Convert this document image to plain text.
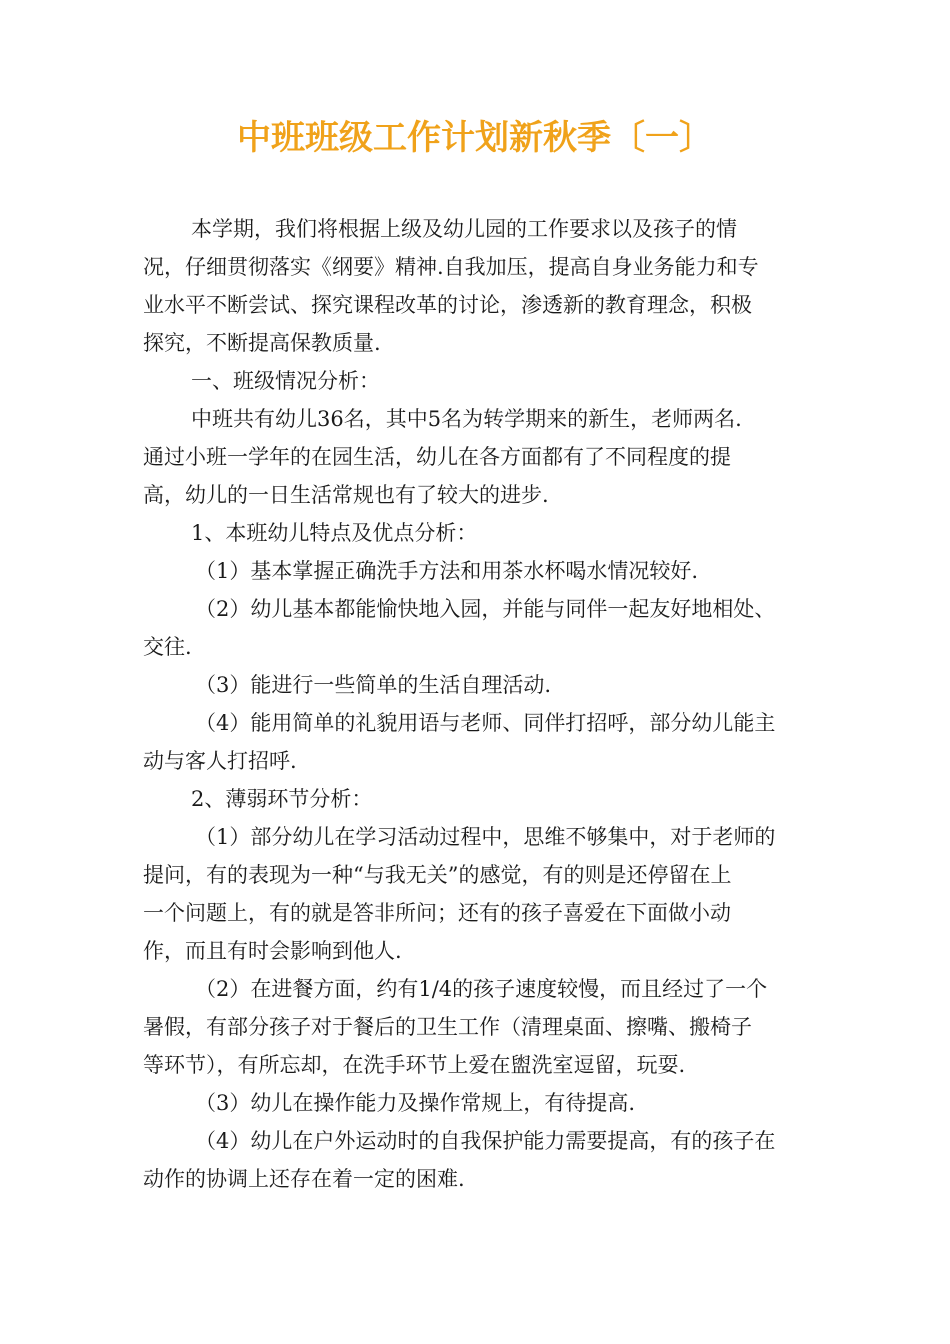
中班班级工作计划新秋季〔一〕
本学期，我们将根据上级及幼儿园的工作要求以及孩子的情
况，仔细贯彻落实《纲要》精神.自我加压，提高自身业务能力和专
业水平不断尝试、探究课程改革的讨论，渗透新的教育理念，积极
探究，不断提高保教质量.
一、班级情况分析：
中班共有幼儿36名，其中5名为转学期来的新生，老师两名.
通过小班一学年的在园生活，幼儿在各方面都有了不同程度的提
高，幼儿的一日生活常规也有了较大的进步.
1、本班幼儿特点及优点分析：
（1）基本掌握正确洗手方法和用茶水杯喝水情况较好.
（2）幼儿基本都能愉快地入园，并能与同伴一起友好地相处、
交往.
（3）能进行一些简单的生活自理活动.
（4）能用简单的礼貌用语与老师、同伴打招呼，部分幼儿能主
动与客人打招呼.
2、薄弱环节分析：
（1）部分幼儿在学习活动过程中，思维不够集中，对于老师的
提问，有的表现为一种“与我无关”的感觉，有的则是还停留在上
一个问题上，有的就是答非所问；还有的孩子喜爱在下面做小动
作，而且有时会影响到他人.
（2）在进餐方面，约有1/4的孩子速度较慢，而且经过了一个
暑假，有部分孩子对于餐后的卫生工作（清理桌面、擦嘴、搬椅子
等环节），有所忘却，在洗手环节上爱在盥洗室逗留，玩耍.
（3）幼儿在操作能力及操作常规上，有待提高.
（4）幼儿在户外运动时的自我保护能力需要提高，有的孩子在
动作的协调上还存在着一定的困难.
